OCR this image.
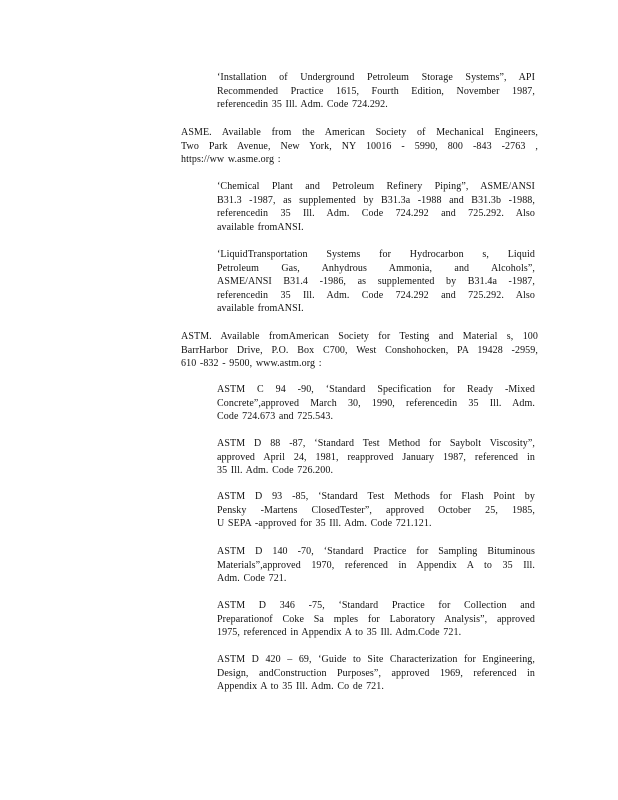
‘Installation of Underground Petroleum Storage Systems”, API
Recommended Practice 1615, Fourth Edition, November 1987,
referencedin 35 Ill. Adm. Code 724.292.
ASME. Available from the American Society of Mechanical Engineers,
Two Park Avenue, New York, NY 10016 - 5990, 800 -843 -2763 ,
https://ww w.asme.org :
‘Chemical Plant and Petroleum Refinery Piping”, ASME/ANSI
B31.3 -1987, as supplemented by B31.3a -1988 and B31.3b -1988,
referencedin 35 Ill. Adm. Code 724.292 and 725.292. Also
available fromANSI.
‘LiquidTransportation Systems for Hydrocarbon s, Liquid
Petroleum Gas, Anhydrous Ammonia, and Alcohols”,
ASME/ANSI B31.4 -1986, as supplemented by B31.4a -1987,
referencedin 35 Ill. Adm. Code 724.292 and 725.292. Also
available fromANSI.
ASTM. Available fromAmerican Society for Testing and Material s, 100
BarrHarbor Drive, P.O. Box C700, West Conshohocken, PA 19428 -2959,
610 -832 - 9500, www.astm.org :
ASTM C 94 -90, ‘Standard Specification for Ready -Mixed
Concrete”,approved March 30, 1990, referencedin 35 Ill. Adm.
Code 724.673 and 725.543.
ASTM D 88 -87, ‘Standard Test Method for Saybolt Viscosity”,
approved April 24, 1981, reapproved January 1987, referenced in
35 Ill. Adm. Code 726.200.
ASTM D 93 -85, ‘Standard Test Methods for Flash Point by
Pensky -Martens ClosedTester”, approved October 25, 1985,
U SEPA -approved for 35 Ill. Adm. Code 721.121.
ASTM D 140 -70, ‘Standard Practice for Sampling Bituminous
Materials”,approved 1970, referenced in Appendix A to 35 Ill.
Adm. Code 721.
ASTM D 346 -75, ‘Standard Practice for Collection and
Preparationof Coke Sa mples for Laboratory Analysis”, approved
1975, referenced in Appendix A to 35 Ill. Adm.Code 721.
ASTM D 420 – 69, ‘Guide to Site Characterization for Engineering,
Design, andConstruction Purposes”, approved 1969, referenced in
Appendix A to 35 Ill. Adm. Co de 721.
